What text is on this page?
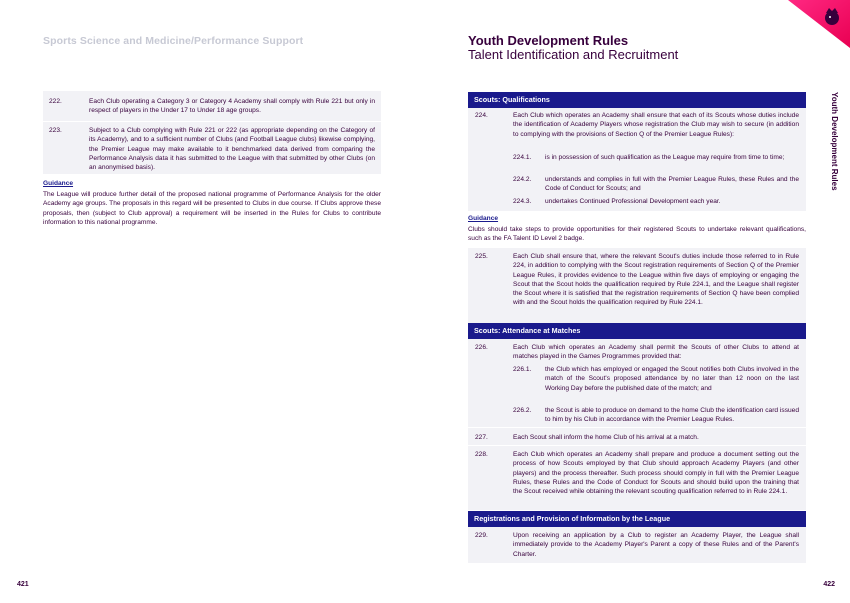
Sports Science and Medicine/Performance Support	Youth Development Rules
Talent Identification and Recruitment
Youth Development Rules
222.	Each Club operating a Category 3 or Category 4 Academy shall comply with Rule 221 but only in respect of players in the Under 17 to Under 18 age groups.
223.	Subject to a Club complying with Rule 221 or 222 (as appropriate depending on the Category of its Academy), and to a sufficient number of Clubs (and Football League clubs) likewise complying, the Premier League may make available to it benchmarked data derived from comparing the Performance Analysis data it has submitted to the League with that submitted by other Clubs (on an anonymised basis).
Guidance
The League will produce further detail of the proposed national programme of Performance Analysis for the older Academy age groups. The proposals in this regard will be presented to Clubs in due course. If Clubs approve these proposals, then (subject to Club approval) a requirement will be inserted in the Rules for Clubs to contribute information to this national programme.
421
Scouts: Qualifications
224.	Each Club which operates an Academy shall ensure that each of its Scouts whose duties include the identification of Academy Players whose registration the Club may wish to secure (in addition to complying with the provisions of Section Q of the Premier League Rules):
224.1. is in possession of such qualification as the League may require from time to time;
224.2. understands and complies in full with the Premier League Rules, these Rules and the Code of Conduct for Scouts; and
224.3. undertakes Continued Professional Development each year.
Guidance
Clubs should take steps to provide opportunities for their registered Scouts to undertake relevant qualifications, such as the FA Talent ID Level 2 badge.
225.	Each Club shall ensure that, where the relevant Scout's duties include those referred to in Rule 224, in addition to complying with the Scout registration requirements of Section Q of the Premier League Rules, it provides evidence to the League within five days of employing or engaging the Scout that the Scout holds the qualification required by Rule 224.1, and the League shall register the Scout where it is satisfied that the registration requirements of Section Q have been complied with and the Scout holds the qualification required by Rule 224.1.
Scouts: Attendance at Matches
226.	Each Club which operates an Academy shall permit the Scouts of other Clubs to attend at matches played in the Games Programmes provided that:
226.1. the Club which has employed or engaged the Scout notifies both Clubs involved in the match of the Scout's proposed attendance by no later than 12 noon on the last Working Day before the published date of the match; and
226.2. the Scout is able to produce on demand to the home Club the identification card issued to him by his Club in accordance with the Premier League Rules.
227.	Each Scout shall inform the home Club of his arrival at a match.
228.	Each Club which operates an Academy shall prepare and produce a document setting out the process of how Scouts employed by that Club should approach Academy Players (and other players) and the process thereafter. Such process should comply in full with the Premier League Rules, these Rules and the Code of Conduct for Scouts and should build upon the training that the Scout received while obtaining the relevant scouting qualification referred to in Rule 224.1.
Registrations and Provision of Information by the League
229.	Upon receiving an application by a Club to register an Academy Player, the League shall immediately provide to the Academy Player's Parent a copy of these Rules and of the Parent's Charter.
422
